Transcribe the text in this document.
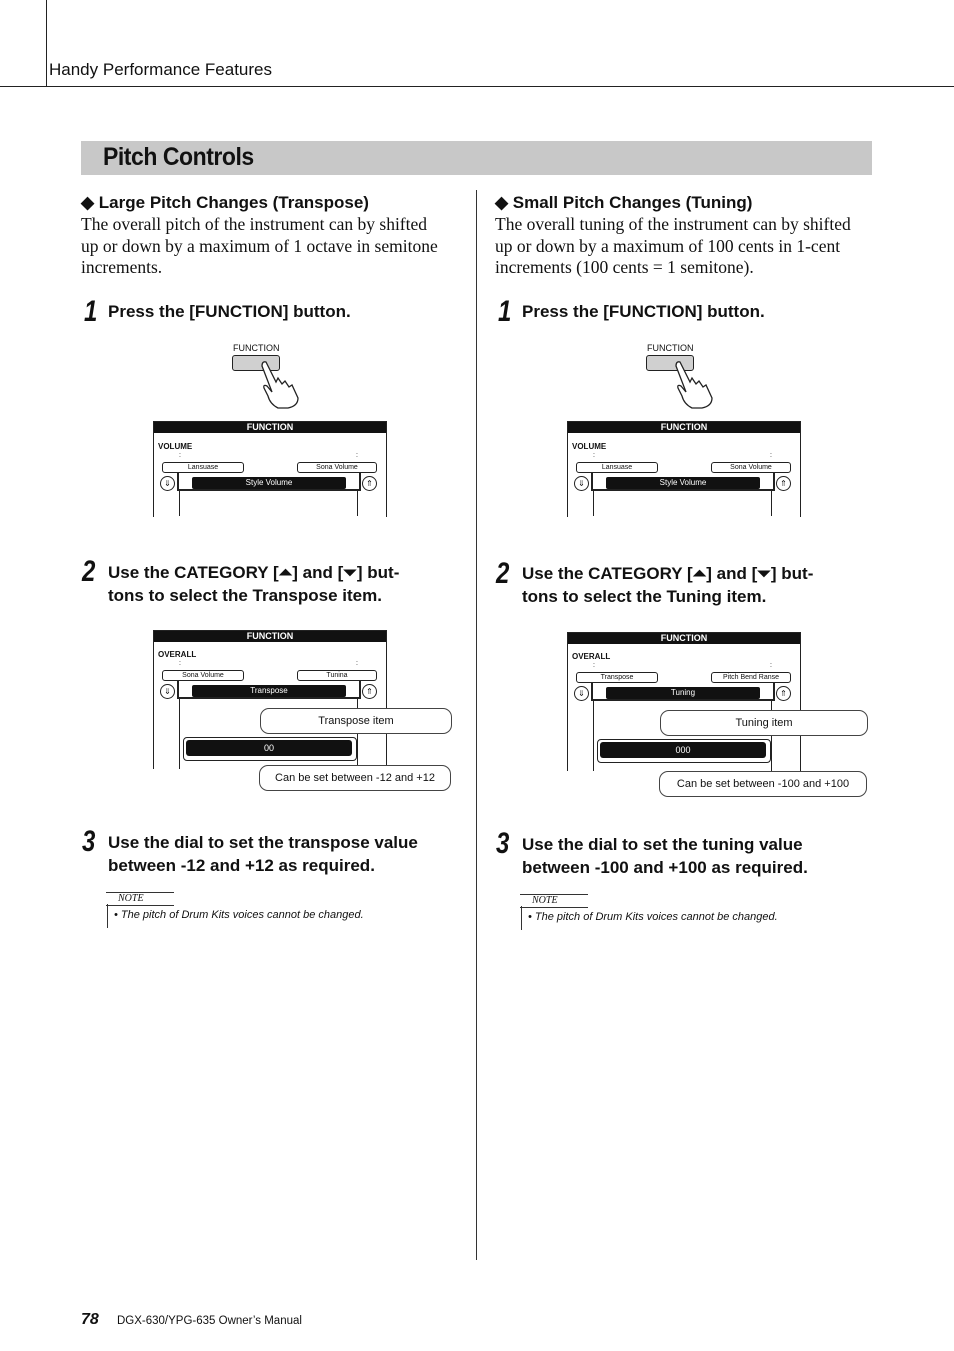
Handy Performance Features
Pitch Controls
◆ Large Pitch Changes (Transpose)
The overall pitch of the instrument can by shifted
up or down by a maximum of 1 octave in semitone
increments.
1 Press the [FUNCTION] button.
FUNCTION
FUNCTION
VOLUME
:	:
Lansuase	Sona Volume
⇓	⇑
Style Volume
2 Use the CATEGORY [⏶] and [⏷] but-
tons to select the Transpose item.
FUNCTION
OVERALL
:	:
Sona Volume	Tunina
⇓	⇑
Transpose
Transpose item
00
Can be set between -12 and +12
3 Use the dial to set the transpose value
between -12 and +12 as required.
NOTE
• The pitch of Drum Kits voices cannot be changed.
◆ Small Pitch Changes (Tuning)
The overall tuning of the instrument can by shifted
up or down by a maximum of 100 cents in 1-cent
increments (100 cents = 1 semitone).
1 Press the [FUNCTION] button.
FUNCTION
FUNCTION
VOLUME
:	:
Lansuase	Sona Volume
⇓	⇑
Style Volume
2 Use the CATEGORY [⏶] and [⏷] but-
tons to select the Tuning item.
FUNCTION
OVERALL
:	:
Transpose	Pitch Bend Ranse
⇓	⇑
Tuning
Tuning item
000
Can be set between -100 and +100
3 Use the dial to set the tuning value
between -100 and +100 as required.
NOTE
• The pitch of Drum Kits voices cannot be changed.
78 DGX-630/YPG-635 Owner’s Manual
